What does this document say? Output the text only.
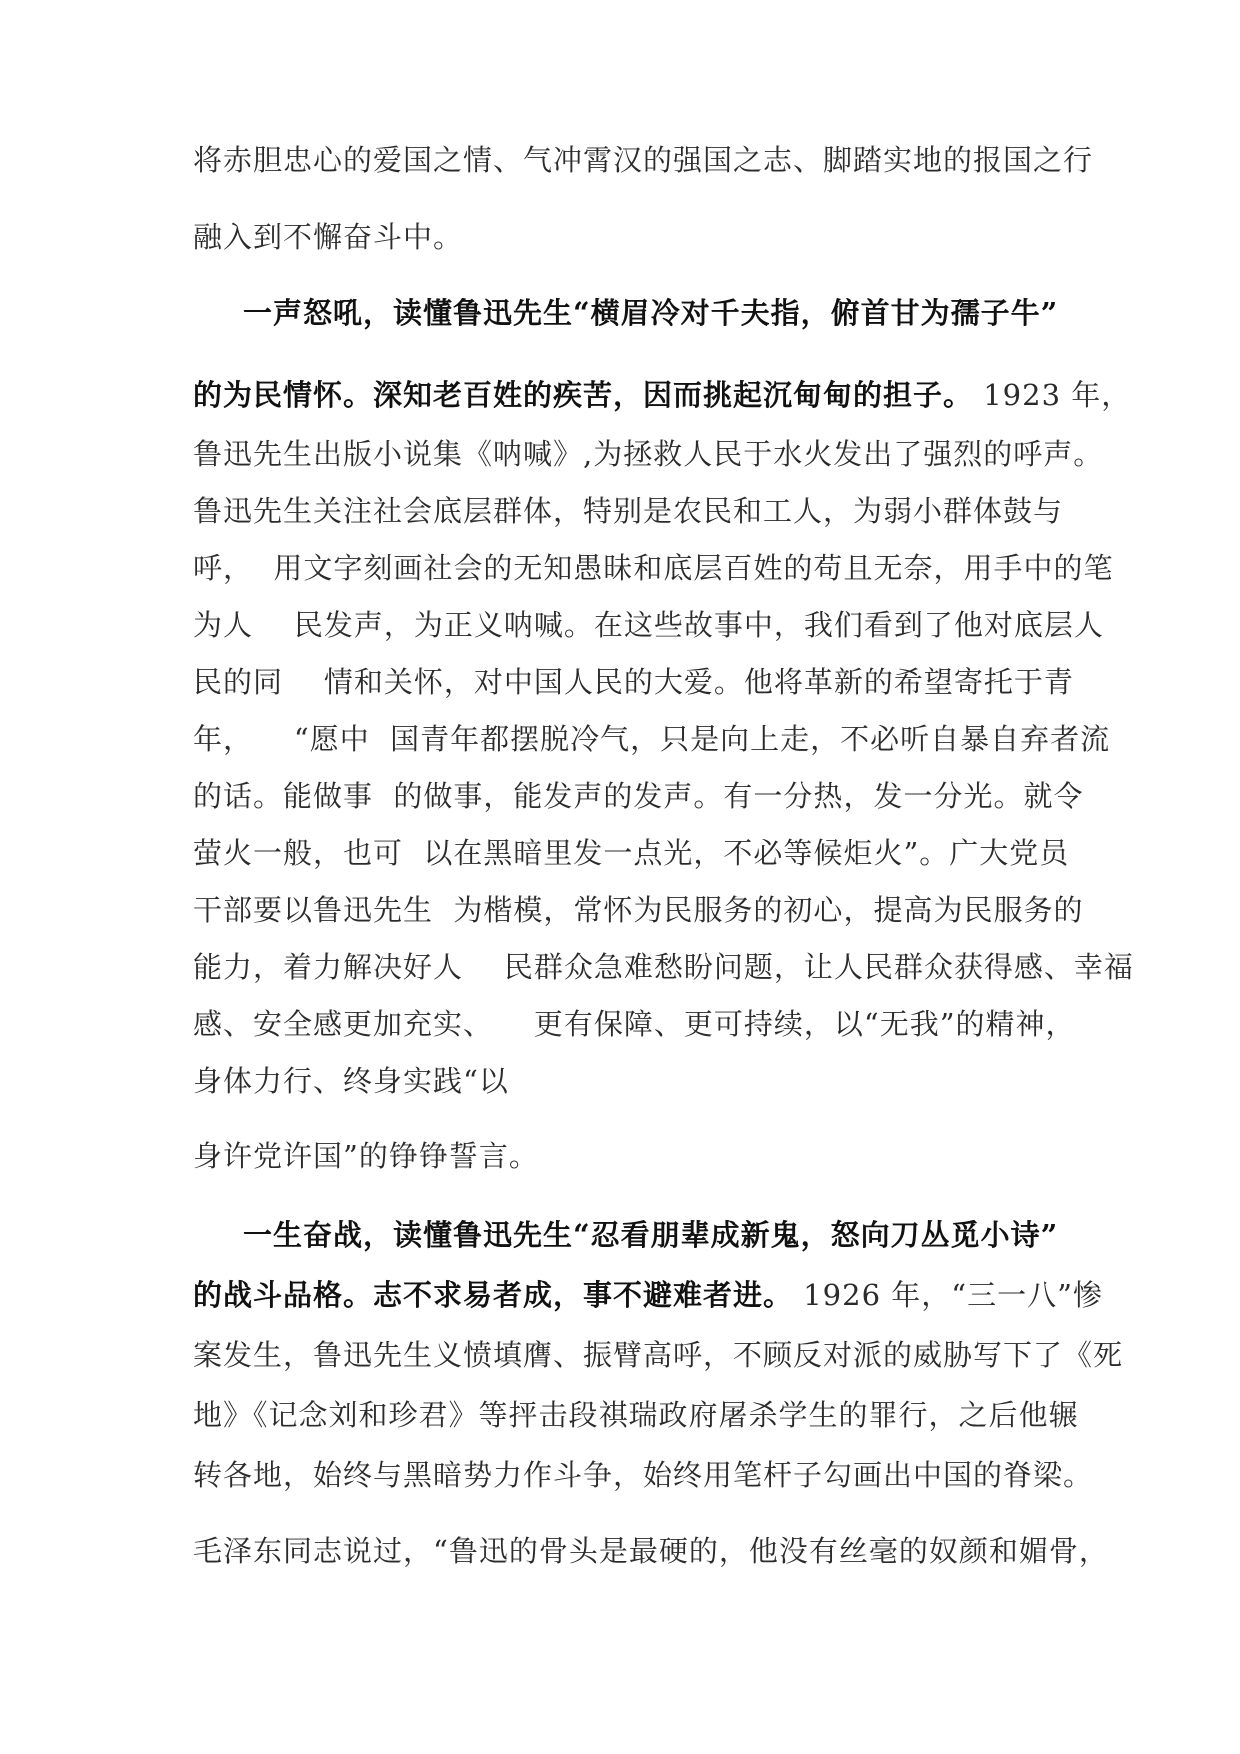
将赤胆忠心的爱国之情、气冲霄汉的强国之志、脚踏实地的报国之行
融入到不懈奋斗中。
一声怒吼，读懂鲁迅先生“横眉冷对千夫指，俯首甘为孺子牛”
的为民情怀。深知老百姓的疾苦，因而挑起沉甸甸的担子。 1923 年，
鲁迅先生出版小说集《呐喊》,为拯救人民于水火发出了强烈的呼声。
鲁迅先生关注社会底层群体，特别是农民和工人，为弱小群体鼓与
呼，  用文字刻画社会的无知愚昧和底层百姓的苟且无奈，用手中的笔
为人    民发声，为正义呐喊。在这些故事中，我们看到了他对底层人
民的同    情和关怀，对中国人民的大爱。他将革新的希望寄托于青
年，    “愿中  国青年都摆脱冷气，只是向上走，不必听自暴自弃者流
的话。能做事  的做事，能发声的发声。有一分热，发一分光。就令
萤火一般，也可  以在黑暗里发一点光，不必等候炬火”。广大党员
干部要以鲁迅先生  为楷模，常怀为民服务的初心，提高为民服务的
能力，着力解决好人    民群众急难愁盼问题，让人民群众获得感、幸福
感、安全感更加充实、    更有保障、更可持续，以“无我”的精神，
身体力行、终身实践“以
身许党许国”的铮铮誓言。
一生奋战，读懂鲁迅先生“忍看朋辈成新鬼，怒向刀丛觅小诗”
的战斗品格。志不求易者成，事不避难者进。 1926 年，“三一八”惨
案发生，鲁迅先生义愤填膺、振臂高呼，不顾反对派的威胁写下了《死
地》《记念刘和珍君》等抨击段祺瑞政府屠杀学生的罪行，之后他辗
转各地，始终与黑暗势力作斗争，始终用笔杆子勾画出中国的脊梁。
毛泽东同志说过，“鲁迅的骨头是最硬的，他没有丝毫的奴颜和媚骨，
